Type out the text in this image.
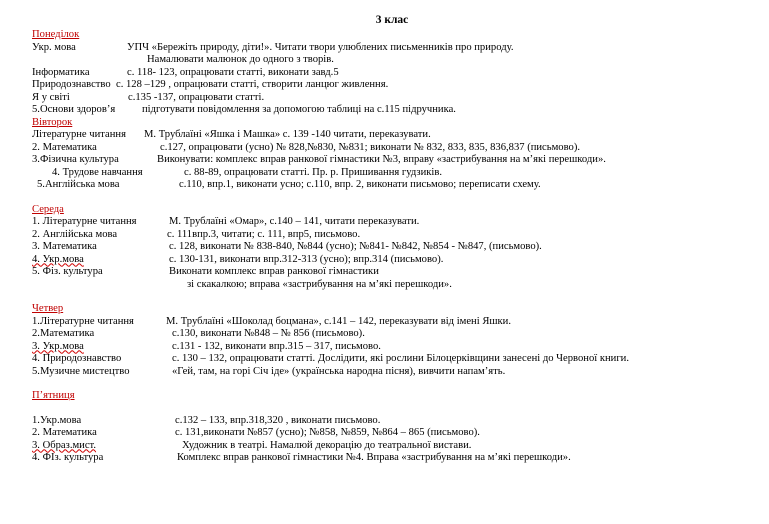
3 клас
Понеділок
Укр. мова	УПЧ «Бережіть природу, діти!». Читати твори улюблених письменників про природу.
Намалювати малюнок до одного з творів.
Інформатика	с. 118- 123, опрацювати статті, виконати завд.5
Природознавство с. 128 –129 , опрацювати статті, створити ланцюг живлення.
Я у світі	с.135 -137, опрацювати статті.
5.Основи здоров’я	підготувати повідомлення за допомогою таблиці на с.115 підручника.
Вівторок
Літературне читання М. Трублаїні «Яшка і Машка» с. 139 -140 читати, переказувати.
2. Математика	с.127, опрацювати (усно) № 828,№830, №831; виконати № 832, 833, 835, 836,837 (письмово).
3.Фізична культура	Виконувати: комплекс вправ ранкової гімнастики №3, вправу «застрибування на м’які перешкоди».
4. Трудове навчання	с. 88-89, опрацювати статті. Пр. р. Пришивання гудзиків.
5.Англійська мова	с.110, впр.1, виконати усно; с.110, впр. 2, виконати письмово; переписати схему.
Середа
1. Літературне читання	М. Трублаїні «Омар», с.140 – 141, читати переказувати.
2. Англійська мова	с. 111впр.3, читати; с. 111, впр5, письмово.
3. Математика	с. 128, виконати № 838-840, №844 (усно); №841- №842, №854 - №847, (письмово).
4. Укр.мова	с. 130-131, виконати впр.312-313 (усно); впр.314 (письмово).
5. Фіз. культура	Виконати комплекс вправ ранкової гімнастики
зі скакалкою; вправа «застрибування на м’які перешкоди».
Четвер
1.Літературне читання	М. Трублаїні «Шоколад боцмана», с.141 – 142, переказувати від імені Яшки.
2.Математика	с.130, виконати №848 – № 856 (письмово).
3. Укр.мова	с.131 - 132, виконати впр.315 – 317, письмово.
4. Природознавство	с. 130 – 132, опрацювати статті. Дослідити, які рослини Білоцерківщини занесені до Червоної книги.
5.Музичне мистецтво	«Гей, там, на горі Січ іде» (українська народна пісня), вивчити напам’ять.
П’ятниця
1.Укр.мова	с.132 – 133, впр.318,320 , виконати письмово.
2. Математика	с. 131,виконати №857 (усно); №858, №859, №864 – 865 (письмово).
3. Образ.мист.	Художник в театрі. Намалюй декорацію до театральної вистави.
4. ФІз. культура	Комплекс вправ ранкової гімнастики №4. Вправа «застрибування на м’які перешкоди».
